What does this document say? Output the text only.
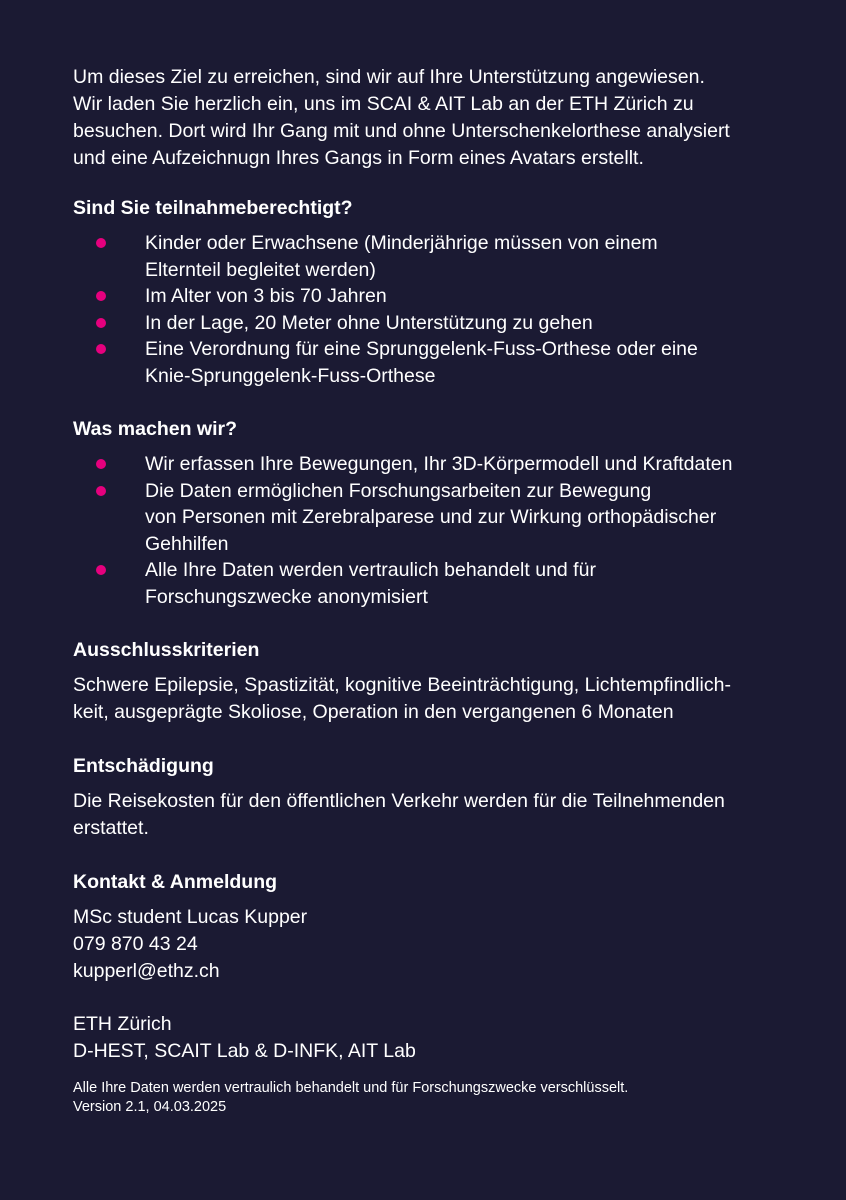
Um dieses Ziel zu erreichen, sind wir auf Ihre Unterstützung angewiesen.
Wir laden Sie herzlich ein, uns im SCAI & AIT Lab an der ETH Zürich zu
besuchen. Dort wird Ihr Gang mit und ohne Unterschenkelorthese analysiert
und eine Aufzeichnugn Ihres Gangs in Form eines Avatars erstellt.

Sind Sie teilnahmeberechtigt?
Kinder oder Erwachsene (Minderjährige müssen von einem
Elternteil begleitet werden)
Im Alter von 3 bis 70 Jahren
In der Lage, 20 Meter ohne Unterstützung zu gehen
Eine Verordnung für eine Sprunggelenk-Fuss-Orthese oder eine
Knie-Sprunggelenk-Fuss-Orthese
Was machen wir?
Wir erfassen Ihre Bewegungen, Ihr 3D-Körpermodell und Kraftdaten
Die Daten ermöglichen Forschungsarbeiten zur Bewegung
von Personen mit Zerebralparese und zur Wirkung orthopädischer
Gehhilfen
Alle Ihre Daten werden vertraulich behandelt und für
Forschungszwecke anonymisiert
Ausschlusskriterien

Schwere Epilepsie, Spastizität, kognitive Beeinträchtigung, Lichtempfindlich-
keit, ausgeprägte Skoliose, Operation in den vergangenen 6 Monaten

Entschädigung

Die Reisekosten für den öffentlichen Verkehr werden für die Teilnehmenden
erstattet.

Kontakt & Anmeldung

MSc student Lucas Kupper
079 870 43 24
kupperl@ethz.ch

ETH Zürich
D-HEST, SCAIT Lab & D-INFK, AIT Lab

Alle Ihre Daten werden vertraulich behandelt und für Forschungszwecke verschlüsselt.
Version 2.1, 04.03.2025
